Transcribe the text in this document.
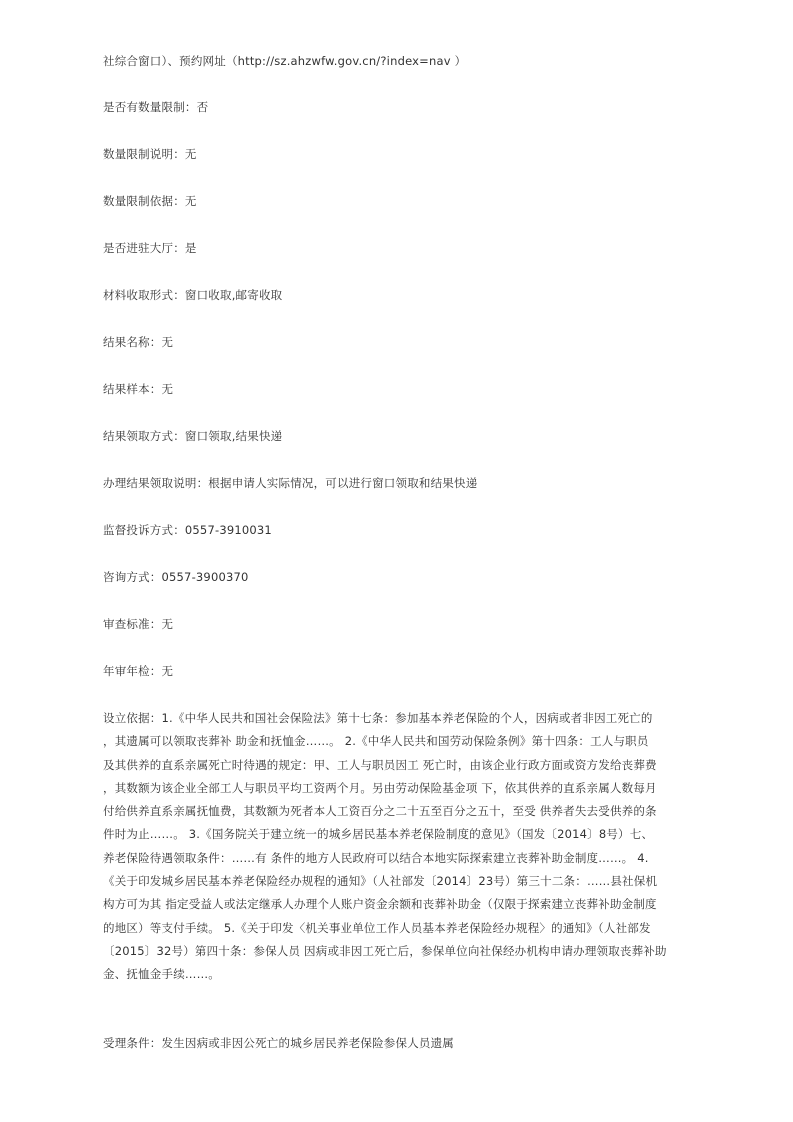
社综合窗口）、预约网址（http://sz.ahzwfw.gov.cn/?index=nav ）
是否有数量限制：否
数量限制说明：无
数量限制依据：无
是否进驻大厅：是
材料收取形式：窗口收取,邮寄收取
结果名称：无
结果样本：无
结果领取方式：窗口领取,结果快递
办理结果领取说明：根据申请人实际情况，可以进行窗口领取和结果快递
监督投诉方式：0557-3910031
咨询方式：0557-3900370
审查标准：无
年审年检：无
设立依据：1.《中华人民共和国社会保险法》第十七条：参加基本养老保险的个人，因病或者非因工死亡的
，其遗属可以领取丧葬补 助金和抚恤金……。 2.《中华人民共和国劳动保险条例》第十四条：工人与职员
及其供养的直系亲属死亡时待遇的规定：甲、工人与职员因工 死亡时，由该企业行政方面或资方发给丧葬费
，其数额为该企业全部工人与职员平均工资两个月。另由劳动保险基金项 下，依其供养的直系亲属人数每月
付给供养直系亲属抚恤费，其数额为死者本人工资百分之二十五至百分之五十，至受 供养者失去受供养的条
件时为止……。 3.《国务院关于建立统一的城乡居民基本养老保险制度的意见》（国发〔2014〕8号）七、
养老保险待遇领取条件：……有 条件的地方人民政府可以结合本地实际探索建立丧葬补助金制度……。 4.
《关于印发城乡居民基本养老保险经办规程的通知》（人社部发〔2014〕23号）第三十二条：……县社保机
构方可为其 指定受益人或法定继承人办理个人账户资金余额和丧葬补助金（仅限于探索建立丧葬补助金制度
的地区）等支付手续。 5.《关于印发〈机关事业单位工作人员基本养老保险经办规程〉的通知》（人社部发
〔2015〕32号）第四十条：参保人员 因病或非因工死亡后，参保单位向社保经办机构申请办理领取丧葬补助
金、抚恤金手续……。
受理条件：发生因病或非因公死亡的城乡居民养老保险参保人员遗属
